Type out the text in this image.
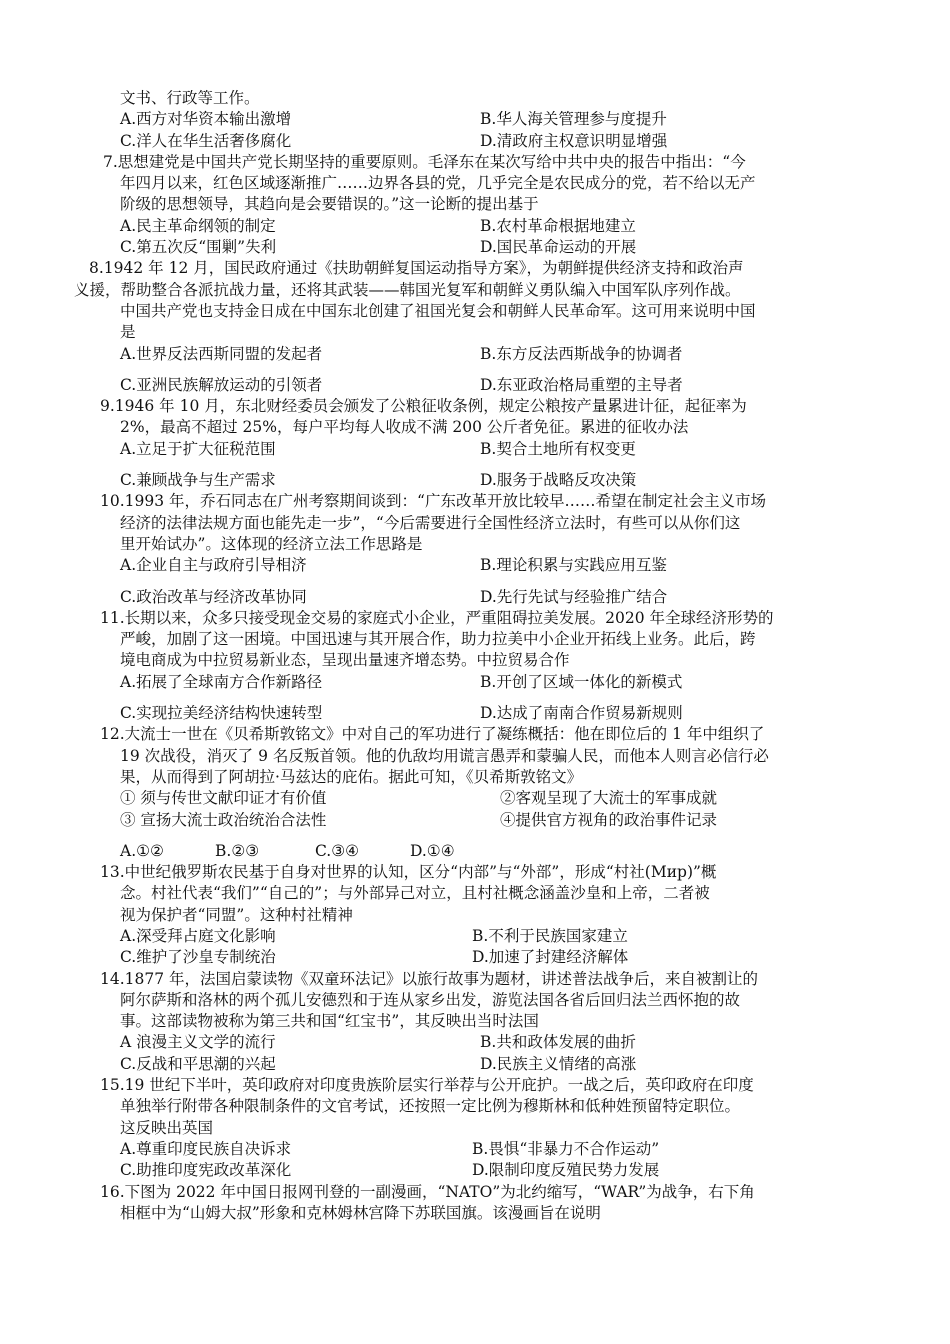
文书、行政等工作。
A.西方对华资本输出激增	B.华人海关管理参与度提升
C.洋人在华生活奢侈腐化	D.清政府主权意识明显增强
7.思想建党是中国共产党长期坚持的重要原则。毛泽东在某次写给中共中央的报告中指出：“今
年四月以来，红色区域逐渐推广……边界各县的党，几乎完全是农民成分的党，若不给以无产
阶级的思想领导，其趋向是会要错误的。”这一论断的提出基于
A.民主革命纲领的制定	B.农村革命根据地建立
C.第五次反“围剿”失利	D.国民革命运动的开展
8.1942 年 12 月，国民政府通过《扶助朝鲜复国运动指导方案》，为朝鲜提供经济支持和政治声
义援，帮助整合各派抗战力量，还将其武装——韩国光复军和朝鲜义勇队编入中国军队序列作战。
中国共产党也支持金日成在中国东北创建了祖国光复会和朝鲜人民革命军。这可用来说明中国
是
A.世界反法西斯同盟的发起者	B.东方反法西斯战争的协调者
C.亚洲民族解放运动的引领者	D.东亚政治格局重塑的主导者
9.1946 年 10 月，东北财经委员会颁发了公粮征收条例，规定公粮按产量累进计征，起征率为
2%，最高不超过 25%，每户平均每人收成不满 200 公斤者免征。累进的征收办法
A.立足于扩大征税范围	B.契合土地所有权变更
C.兼顾战争与生产需求	D.服务于战略反攻决策
10.1993 年，乔石同志在广州考察期间谈到：“广东改革开放比较早……希望在制定社会主义市场
经济的法律法规方面也能先走一步”，“今后需要进行全国性经济立法时，有些可以从你们这
里开始试办”。这体现的经济立法工作思路是
A.企业自主与政府引导相济	B.理论积累与实践应用互鉴
C.政治改革与经济改革协同	D.先行先试与经验推广结合
11.长期以来，众多只接受现金交易的家庭式小企业，严重阻碍拉美发展。2020 年全球经济形势的
严峻，加剧了这一困境。中国迅速与其开展合作，助力拉美中小企业开拓线上业务。此后，跨
境电商成为中拉贸易新业态，呈现出量速齐增态势。中拉贸易合作
A.拓展了全球南方合作新路径	B.开创了区域一体化的新模式
C.实现拉美经济结构快速转型	D.达成了南南合作贸易新规则
12.大流士一世在《贝希斯敦铭文》中对自己的军功进行了凝练概括：他在即位后的 1 年中组织了
19 次战役，消灭了 9 名反叛首领。他的仇敌均用谎言愚弄和蒙骗人民，而他本人则言必信行必
果，从而得到了阿胡拉·马兹达的庇佑。据此可知，《贝希斯敦铭文》
① 须与传世文献印证才有价值	②客观呈现了大流士的军事成就
③ 宣扬大流士政治统治合法性	④提供官方视角的政治事件记录
A.①②	B.②③	C.③④	D.①④
13.中世纪俄罗斯农民基于自身对世界的认知，区分“内部”与“外部”，形成“村社(Мир)”概
念。村社代表“我们”“自己的”；与外部异己对立，且村社概念涵盖沙皇和上帝，二者被
视为保护者“同盟”。这种村社精神
A.深受拜占庭文化影响	B.不利于民族国家建立
C.维护了沙皇专制统治	D.加速了封建经济解体
14.1877 年，法国启蒙读物《双童环法记》以旅行故事为题材，讲述普法战争后，来自被割让的
阿尔萨斯和洛林的两个孤儿安德烈和于连从家乡出发，游览法国各省后回归法兰西怀抱的故
事。这部读物被称为第三共和国“红宝书”，其反映出当时法国
A 浪漫主义文学的流行	B.共和政体发展的曲折
C.反战和平思潮的兴起	D.民族主义情绪的高涨
15.19 世纪下半叶，英印政府对印度贵族阶层实行举荐与公开庇护。一战之后，英印政府在印度
单独举行附带各种限制条件的文官考试，还按照一定比例为穆斯林和低种姓预留特定职位。
这反映出英国
A.尊重印度民族自决诉求	B.畏惧“非暴力不合作运动”
C.助推印度宪政改革深化	D.限制印度反殖民势力发展
16.下图为 2022 年中国日报网刊登的一副漫画，“NATO”为北约缩写，“WAR”为战争，右下角
相框中为“山姆大叔”形象和克林姆林宫降下苏联国旗。该漫画旨在说明
